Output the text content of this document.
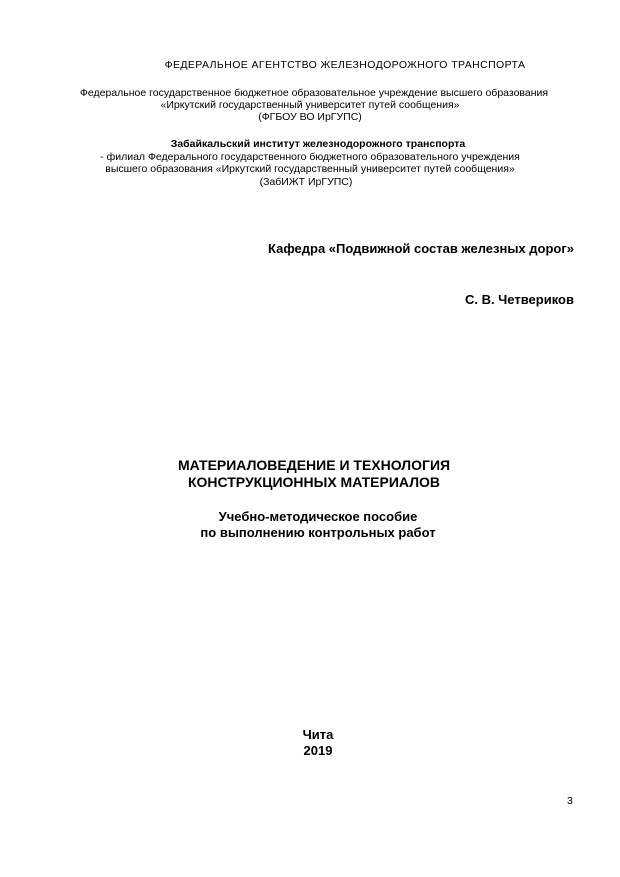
ФЕДЕРАЛЬНОЕ АГЕНТСТВО ЖЕЛЕЗНОДОРОЖНОГО ТРАНСПОРТА
Федеральное государственное бюджетное образовательное учреждение высшего образования
«Иркутский государственный университет путей сообщения»
(ФГБОУ ВО ИрГУПС)
Забайкальский институт железнодорожного транспорта
- филиал Федерального государственного бюджетного образовательного учреждения
высшего образования «Иркутский государственный университет путей сообщения»
(ЗабИЖТ ИрГУПС)
Кафедра «Подвижной состав железных дорог»
С. В. Четвериков
МАТЕРИАЛОВЕДЕНИЕ И ТЕХНОЛОГИЯ
КОНСТРУКЦИОННЫХ МАТЕРИАЛОВ
Учебно-методическое пособие
по выполнению контрольных работ
Чита
2019
3
